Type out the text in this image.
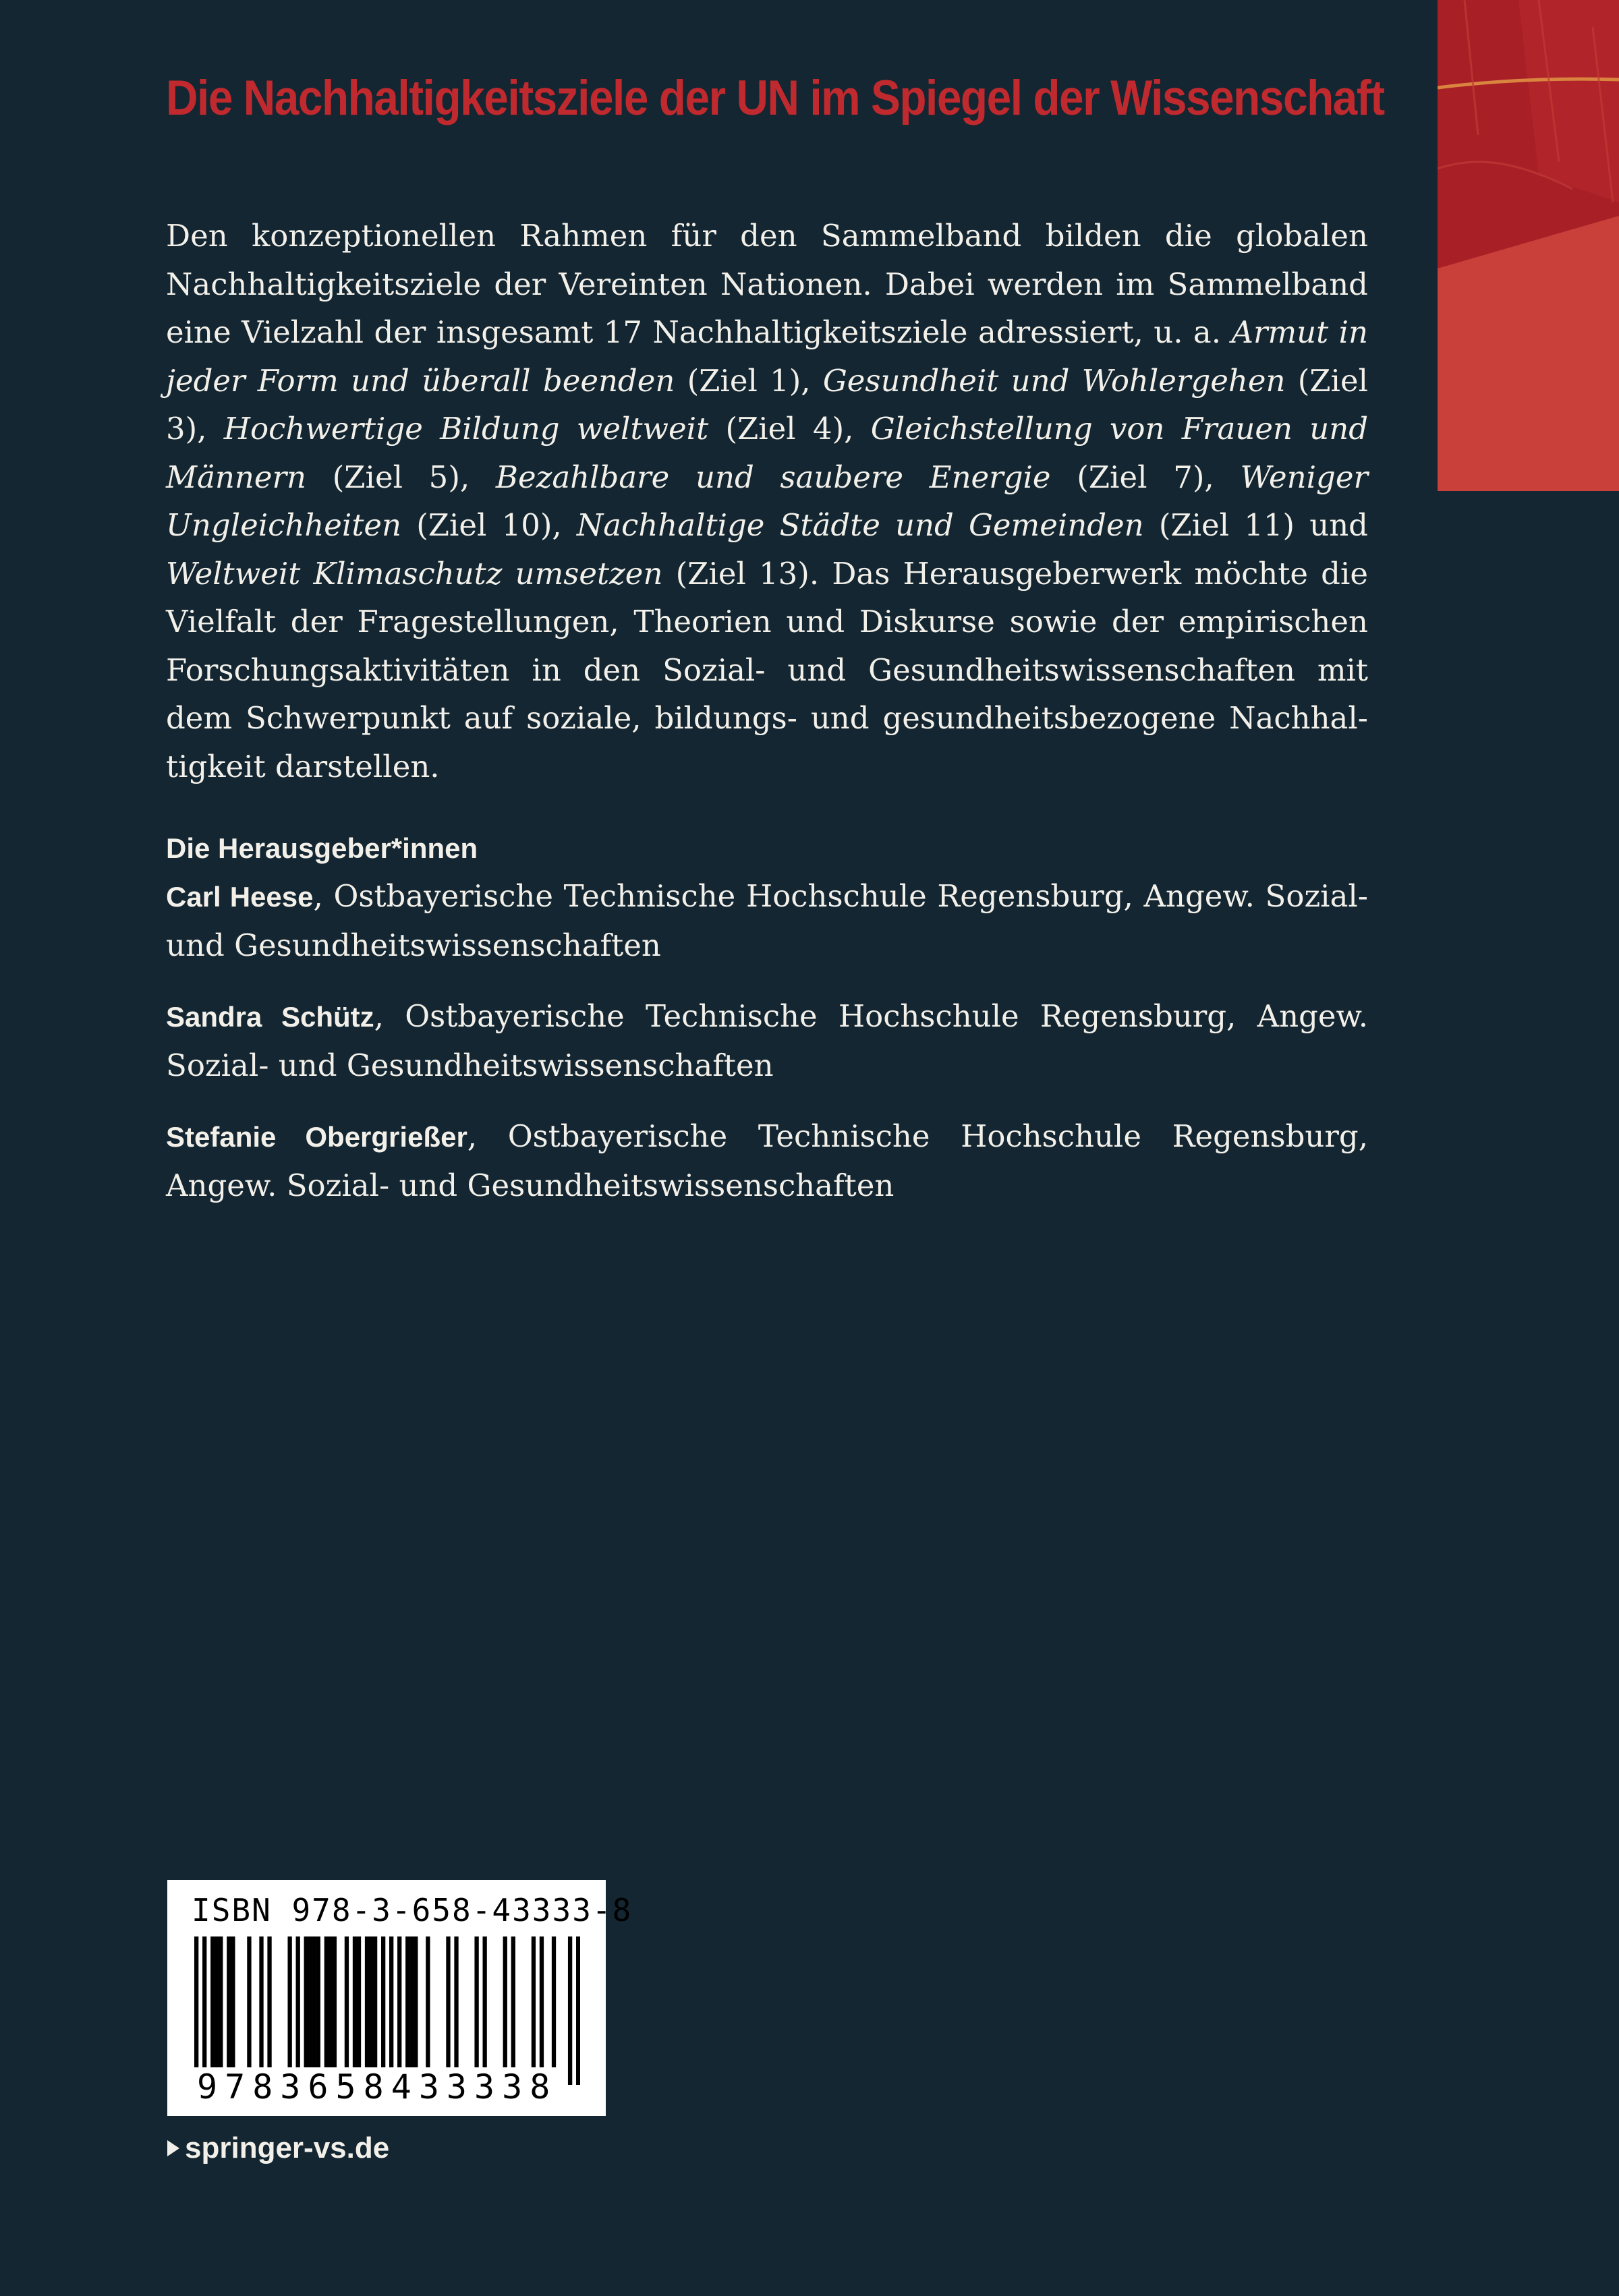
Die Nachhaltigkeitsziele der UN im Spiegel der Wissenschaft

Den konzeptionellen Rahmen für den Sammelband bilden die globalen Nachhaltigkeitsziele der Vereinten Nationen. Dabei werden im Sammelband eine Vielzahl der insgesamt 17 Nachhaltigkeitsziele adressiert, u. a. Armut in jeder Form und überall beenden (Ziel 1), Gesundheit und Wohlergehen (Ziel 3), Hochwertige Bildung weltweit (Ziel 4), Gleichstellung von Frauen und Männern (Ziel 5), Bezahlbare und saubere Energie (Ziel 7), Weniger Ungleichheiten (Ziel 10), Nachhaltige Städte und Gemeinden (Ziel 11) und Weltweit Klimaschutz umsetzen (Ziel 13). Das Herausgeberwerk möchte die Vielfalt der Fragestellungen, Theorien und Diskurse sowie der empirischen Forschungsaktivitäten in den Sozial- und Gesundheitswissenschaften mit dem Schwerpunkt auf soziale, bildungs- und gesundheitsbezogene Nachhaltigkeit darstellen.

Die Herausgeber*innen

Carl Heese, Ostbayerische Technische Hochschule Regensburg, Angew. Sozial- und Gesundheitswissenschaften

Sandra Schütz, Ostbayerische Technische Hochschule Regensburg, Angew. Sozial- und Gesundheitswissenschaften

Stefanie Obergrießer, Ostbayerische Technische Hochschule Regensburg, Angew. Sozial- und Gesundheitswissenschaften

ISBN 978-3-658-43333-8
9783658433338
springer-vs.de
